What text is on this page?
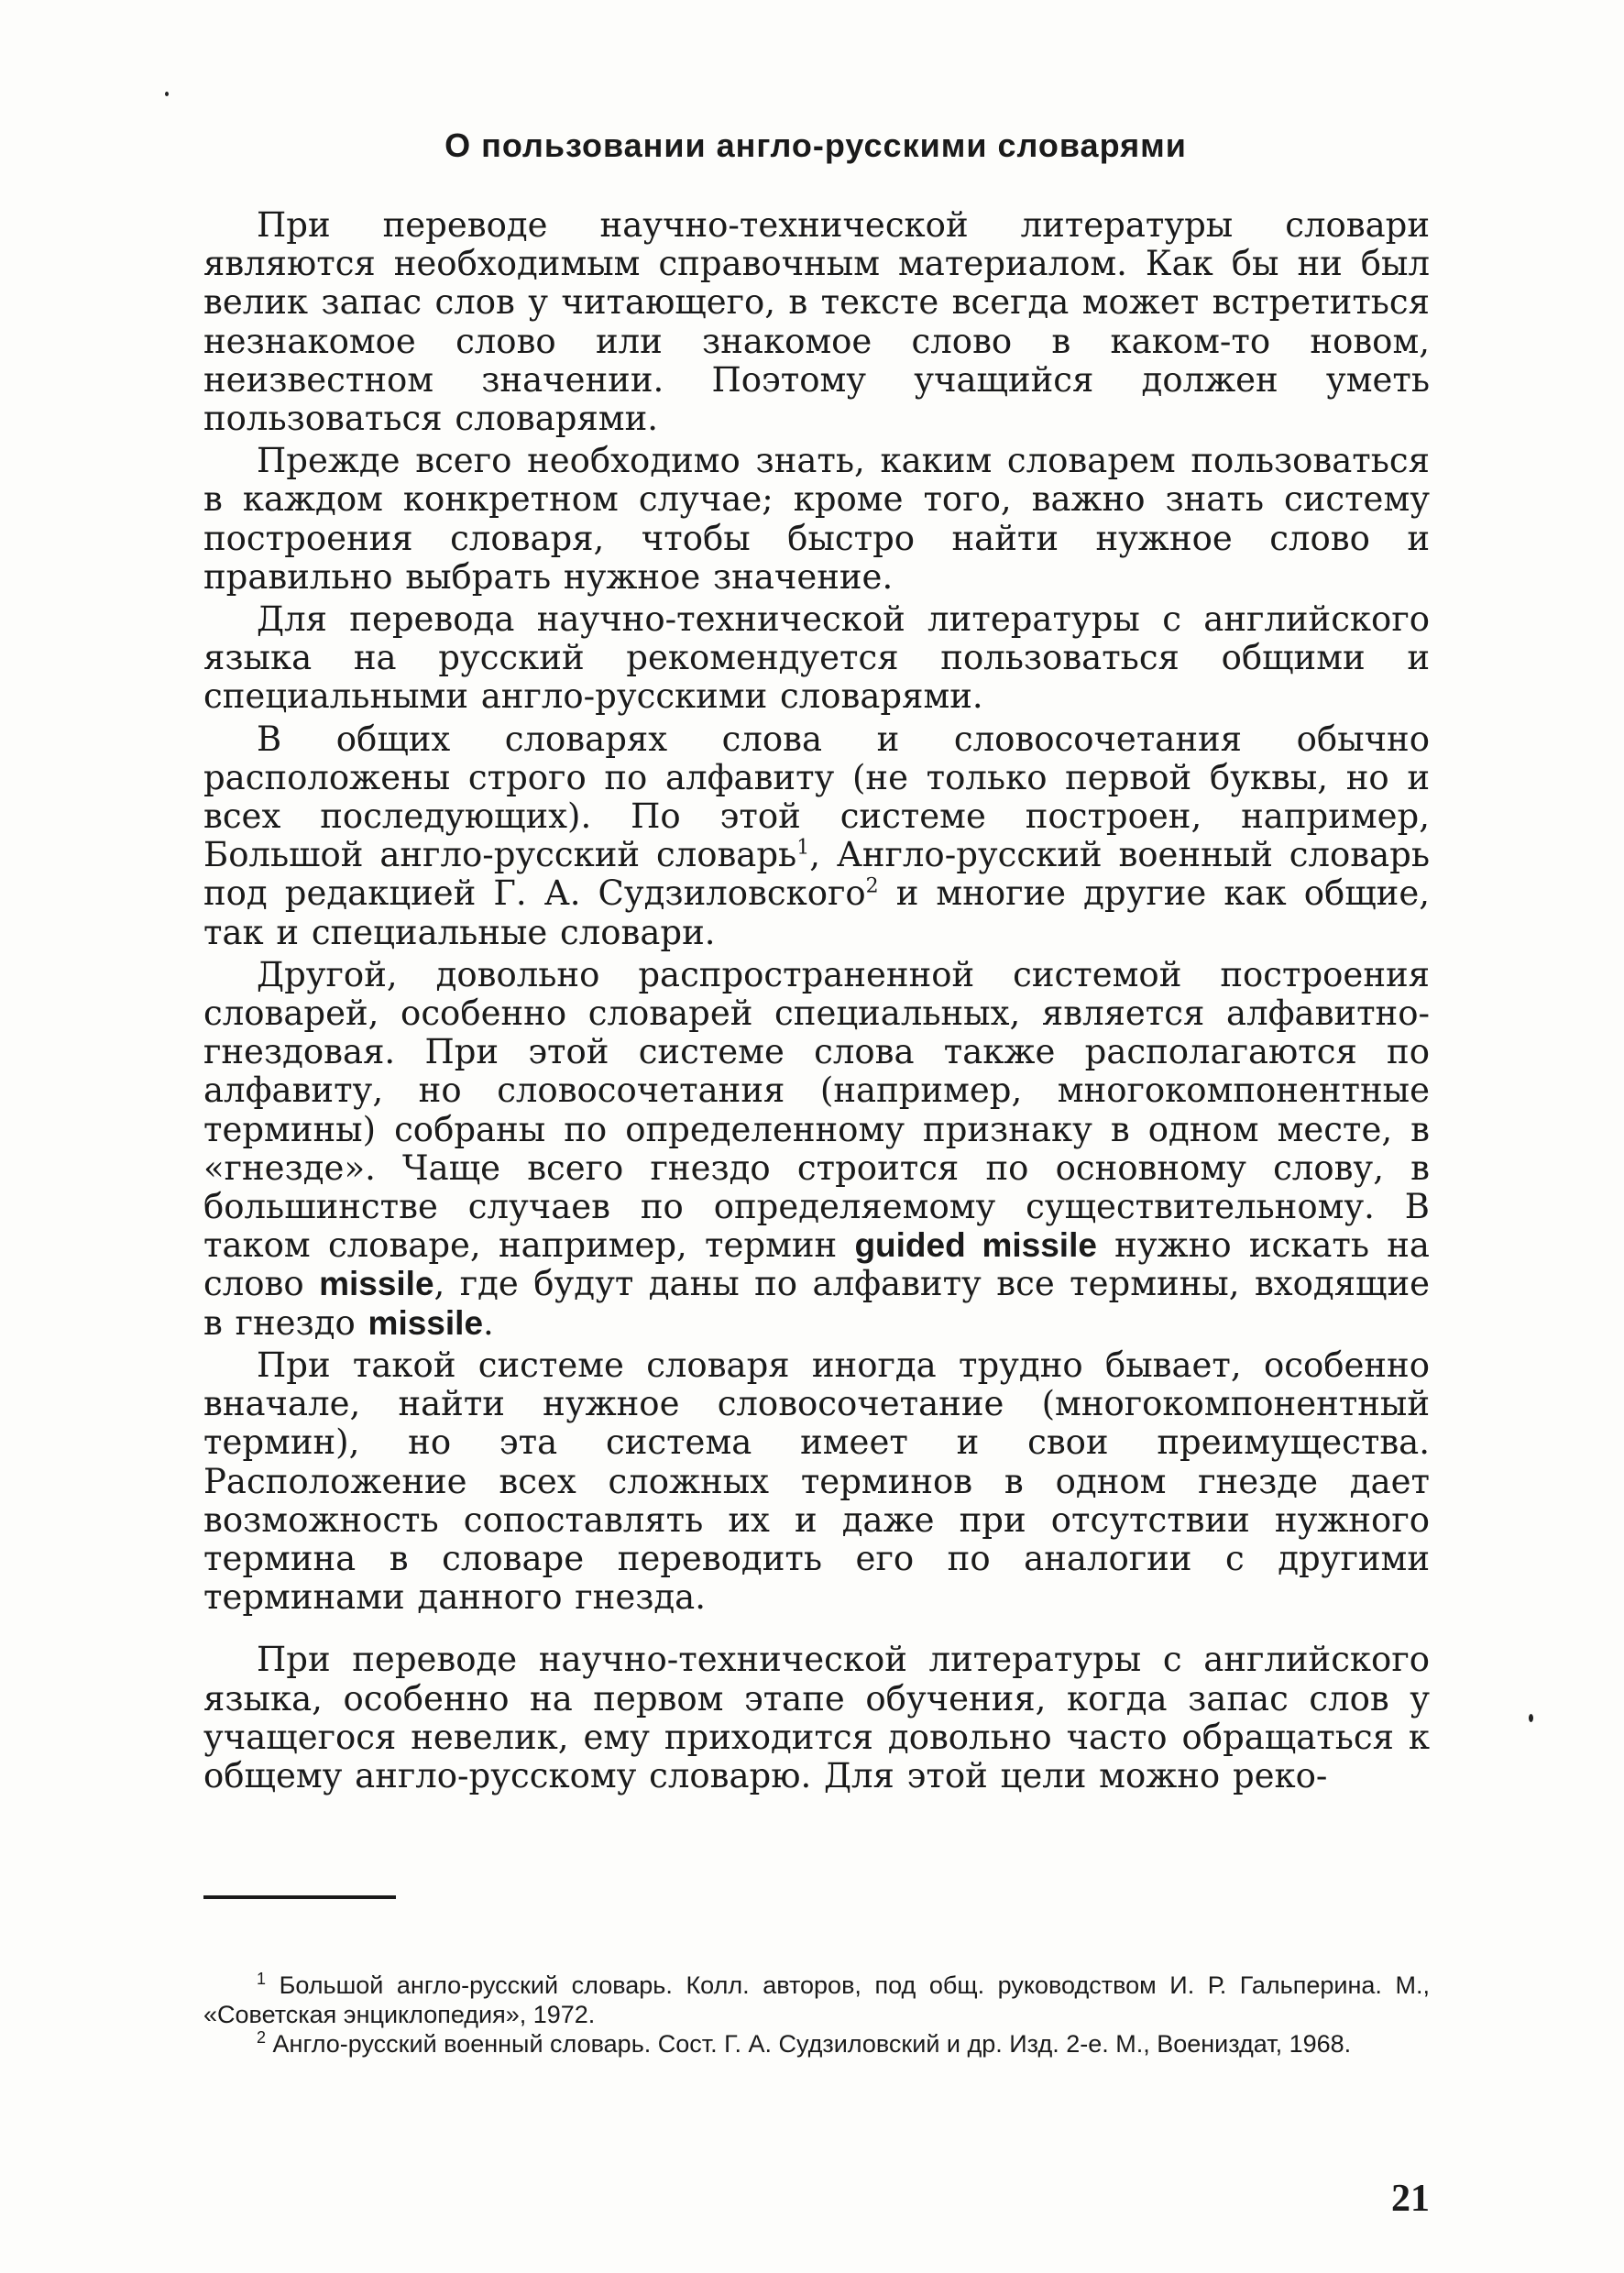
О пользовании англо-русскими словарями

При переводе научно-технической литературы словари являются необходимым справочным материалом. Как бы ни был велик запас слов у читающего, в тексте всегда может встретиться незнакомое слово или знакомое слово в каком-то новом, неизвестном значении. Поэтому учащийся должен уметь пользоваться словарями.

Прежде всего необходимо знать, каким словарем пользоваться в каждом конкретном случае; кроме того, важно знать систему построения словаря, чтобы быстро найти нужное слово и правильно выбрать нужное значение.

Для перевода научно-технической литературы с английского языка на русский рекомендуется пользоваться общими и специальными англо-русскими словарями.

В общих словарях слова и словосочетания обычно расположены строго по алфавиту (не только первой буквы, но и всех последующих). По этой системе построен, например, Большой англо-русский словарь$^1$, Англо-русский военный словарь под редакцией Г. А. Судзиловского$^2$ и многие другие как общие, так и специальные словари.

Другой, довольно распространенной системой построения словарей, особенно словарей специальных, является алфавитно-гнездовая. При этой системе слова также располагаются по алфавиту, но словосочетания (например, многокомпонентные термины) собраны по определенному признаку в одном месте, в «гнезде». Чаще всего гнездо строится по основному слову, в большинстве случаев по определяемому существительному. В таком словаре, например, термин guided missile нужно искать на слово missile, где будут даны по алфавиту все термины, входящие в гнездо missile.

При такой системе словаря иногда трудно бывает, особенно вначале, найти нужное словосочетание (многокомпонентный термин), но эта система имеет и свои преимущества. Расположение всех сложных терминов в одном гнезде дает возможность сопоставлять их и даже при отсутствии нужного термина в словаре переводить его по аналогии с другими терминами данного гнезда.

При переводе научно-технической литературы с английского языка, особенно на первом этапе обучения, когда запас слов у учащегося невелик, ему приходится довольно часто обращаться к общему англо-русскому словарю. Для этой цели можно реко-

$^1$ Большой англо-русский словарь. Колл. авторов, под общ. руководством И. Р. Гальперина. М., «Советская энциклопедия», 1972.

$^2$ Англо-русский военный словарь. Сост. Г. А. Судзиловский и др. Изд. 2-е. М., Воениздат, 1968.

21
